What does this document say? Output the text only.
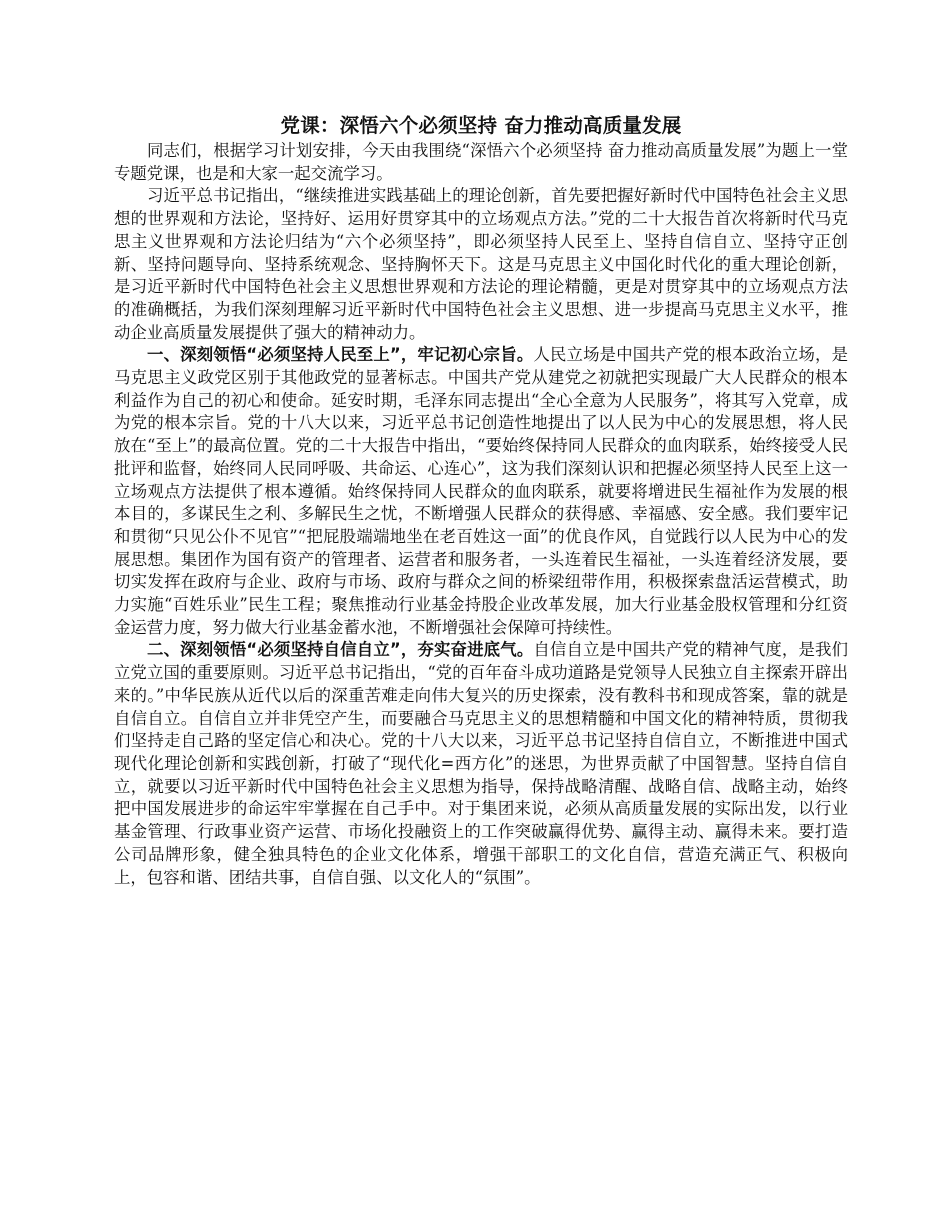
党课：深悟六个必须坚持 奋力推动高质量发展

同志们，根据学习计划安排，今天由我围绕“深悟六个必须坚持 奋力推动高质量发展”为题上一堂专题党课，也是和大家一起交流学习。

习近平总书记指出，“继续推进实践基础上的理论创新，首先要把握好新时代中国特色社会主义思想的世界观和方法论，坚持好、运用好贯穿其中的立场观点方法。”党的二十大报告首次将新时代马克思主义世界观和方法论归结为“六个必须坚持”，即必须坚持人民至上、坚持自信自立、坚持守正创新、坚持问题导向、坚持系统观念、坚持胸怀天下。这是马克思主义中国化时代化的重大理论创新，是习近平新时代中国特色社会主义思想世界观和方法论的理论精髓，更是对贯穿其中的立场观点方法的准确概括，为我们深刻理解习近平新时代中国特色社会主义思想、进一步提高马克思主义水平，推动企业高质量发展提供了强大的精神动力。

一、深刻领悟“必须坚持人民至上”，牢记初心宗旨。人民立场是中国共产党的根本政治立场，是马克思主义政党区别于其他政党的显著标志。中国共产党从建党之初就把实现最广大人民群众的根本利益作为自己的初心和使命。延安时期，毛泽东同志提出“全心全意为人民服务”，将其写入党章，成为党的根本宗旨。党的十八大以来，习近平总书记创造性地提出了以人民为中心的发展思想，将人民放在“至上”的最高位置。党的二十大报告中指出，“要始终保持同人民群众的血肉联系，始终接受人民批评和监督，始终同人民同呼吸、共命运、心连心”，这为我们深刻认识和把握必须坚持人民至上这一立场观点方法提供了根本遵循。始终保持同人民群众的血肉联系，就要将增进民生福祉作为发展的根本目的，多谋民生之利、多解民生之忧，不断增强人民群众的获得感、幸福感、安全感。我们要牢记和贯彻“只见公仆不见官”“把屁股端端地坐在老百姓这一面”的优良作风，自觉践行以人民为中心的发展思想。集团作为国有资产的管理者、运营者和服务者，一头连着民生福祉，一头连着经济发展，要切实发挥在政府与企业、政府与市场、政府与群众之间的桥梁纽带作用，积极探索盘活运营模式，助力实施“百姓乐业”民生工程；聚焦推动行业基金持股企业改革发展，加大行业基金股权管理和分红资金运营力度，努力做大行业基金蓄水池，不断增强社会保障可持续性。

二、深刻领悟“必须坚持自信自立”，夯实奋进底气。自信自立是中国共产党的精神气度，是我们立党立国的重要原则。习近平总书记指出，“党的百年奋斗成功道路是党领导人民独立自主探索开辟出来的。”中华民族从近代以后的深重苦难走向伟大复兴的历史探索，没有教科书和现成答案，靠的就是自信自立。自信自立并非凭空产生，而要融合马克思主义的思想精髓和中国文化的精神特质，贯彻我们坚持走自己路的坚定信心和决心。党的十八大以来，习近平总书记坚持自信自立，不断推进中国式现代化理论创新和实践创新，打破了“现代化=西方化”的迷思，为世界贡献了中国智慧。坚持自信自立，就要以习近平新时代中国特色社会主义思想为指导，保持战略清醒、战略自信、战略主动，始终把中国发展进步的命运牢牢掌握在自己手中。对于集团来说，必须从高质量发展的实际出发，以行业基金管理、行政事业资产运营、市场化投融资上的工作突破赢得优势、赢得主动、赢得未来。要打造公司品牌形象，健全独具特色的企业文化体系，增强干部职工的文化自信，营造充满正气、积极向上，包容和谐、团结共事，自信自强、以文化人的“氛围”。
